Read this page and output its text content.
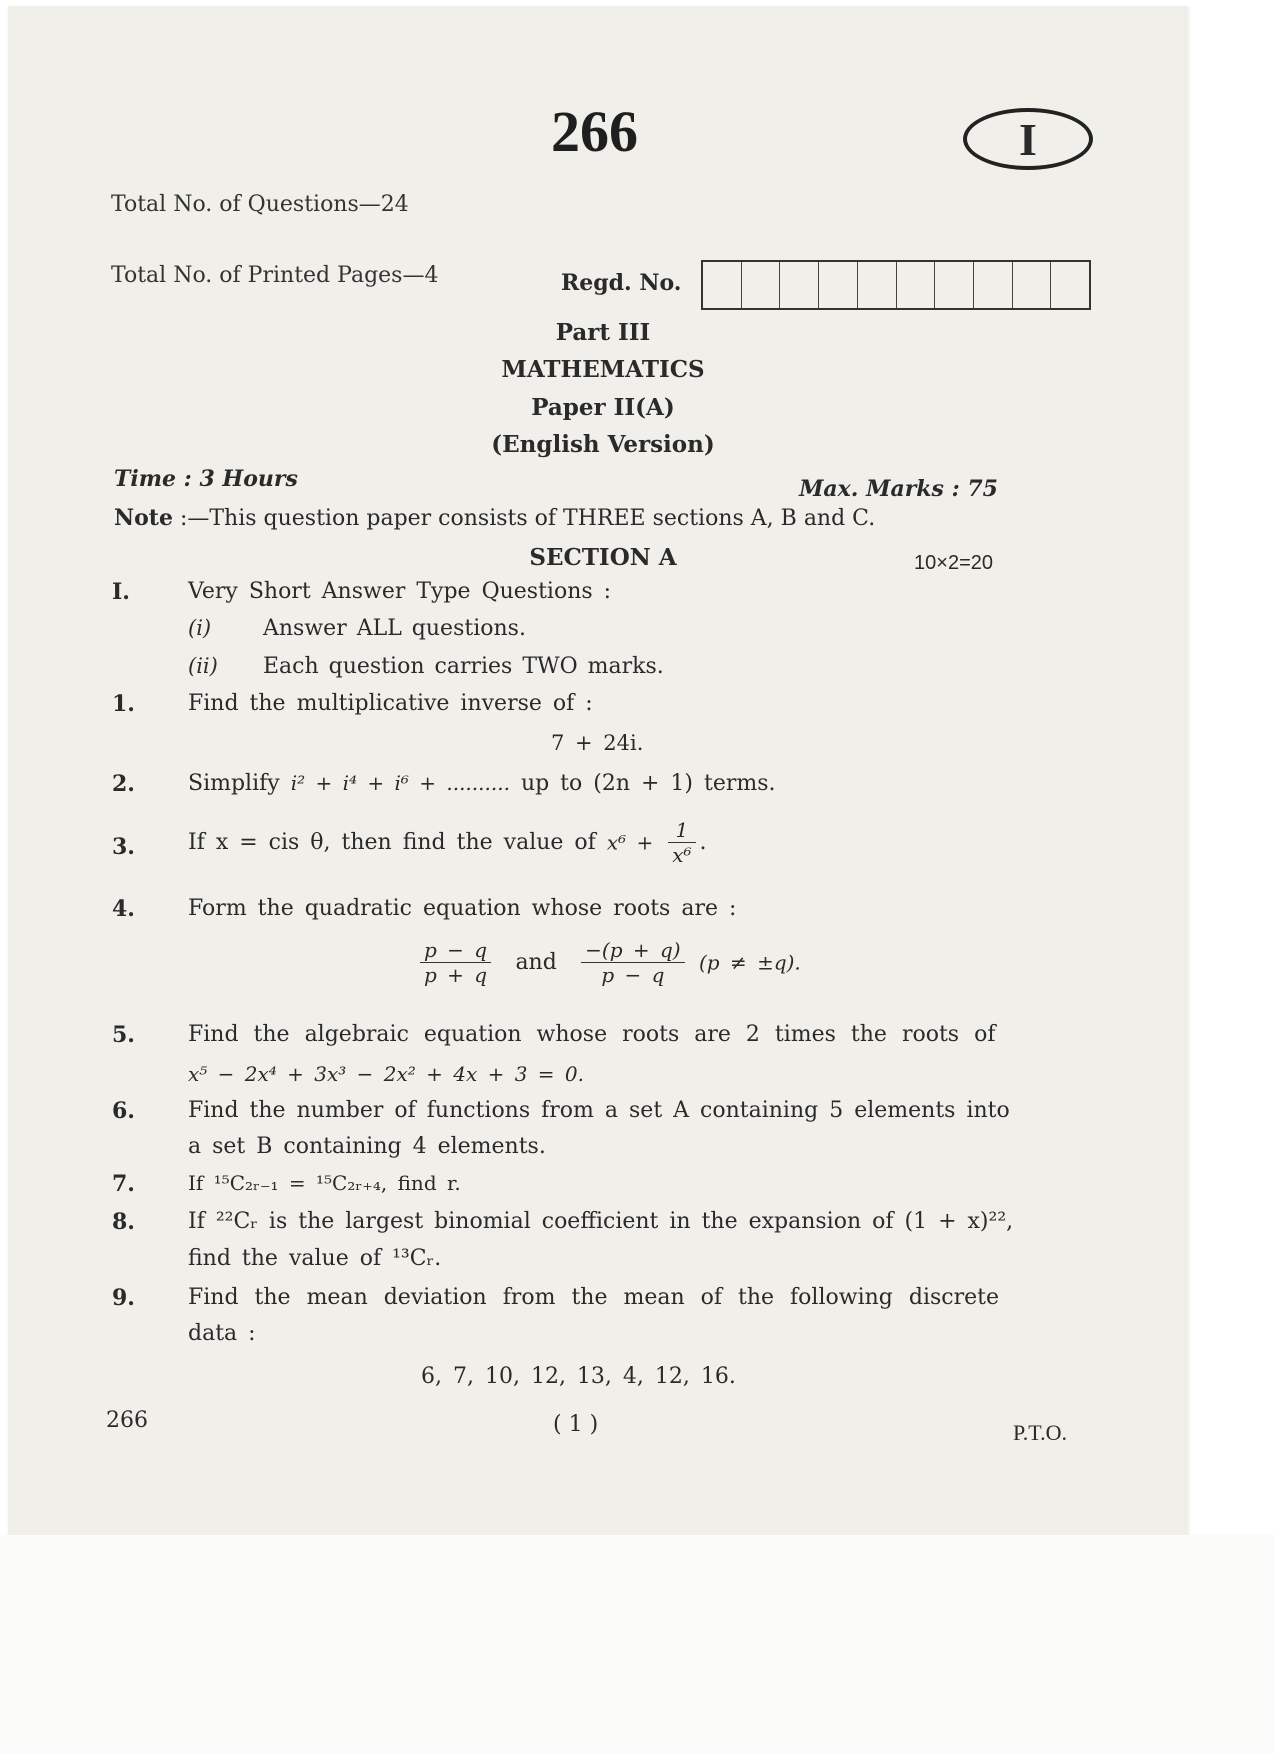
266	I
Total No. of Questions—24
Total No. of Printed Pages—4	Regd. No.
Part III
MATHEMATICS
Paper II(A)
(English Version)
Time : 3 Hours	Max. Marks : 75
Note :—This question paper consists of THREE sections A, B and C.
SECTION A	10×2=20
I.	Very Short Answer Type Questions :
(i) Answer ALL questions.
(ii) Each question carries TWO marks.
1. Find the multiplicative inverse of :
7 + 24i.
2. Simplify i² + i⁴ + i⁶ + .......... up to (2n + 1) terms.
3. If x = cis θ, then find the value of $x^6 + \frac{1}{\text{x⁶}}$ .
4. Form the quadratic equation whose roots are :
$\frac{p - q}{p + q}$ and $\frac{-(p + q)}{p - q} (p \ne \pm q)$.
5. Find the algebraic equation whose roots are 2 times the roots of
x⁵ − 2x⁴ + 3x³ − 2x² + 4x + 3 = 0.
6. Find the number of functions from a set A containing 5 elements into
a set B containing 4 elements.
7.	If ¹⁵C₂ᵣ₋₁ = ¹⁵C₂ᵣ₊₄, find r.
8. If ²²Cᵣ is the largest binomial coefficient in the expansion of (1 + x)²²,
find the value of ¹³Cᵣ.
9. Find the mean deviation from the mean of the following discrete
data :
6, 7, 10, 12, 13, 4, 12, 16.
266	( 1 )	P.T.O.
